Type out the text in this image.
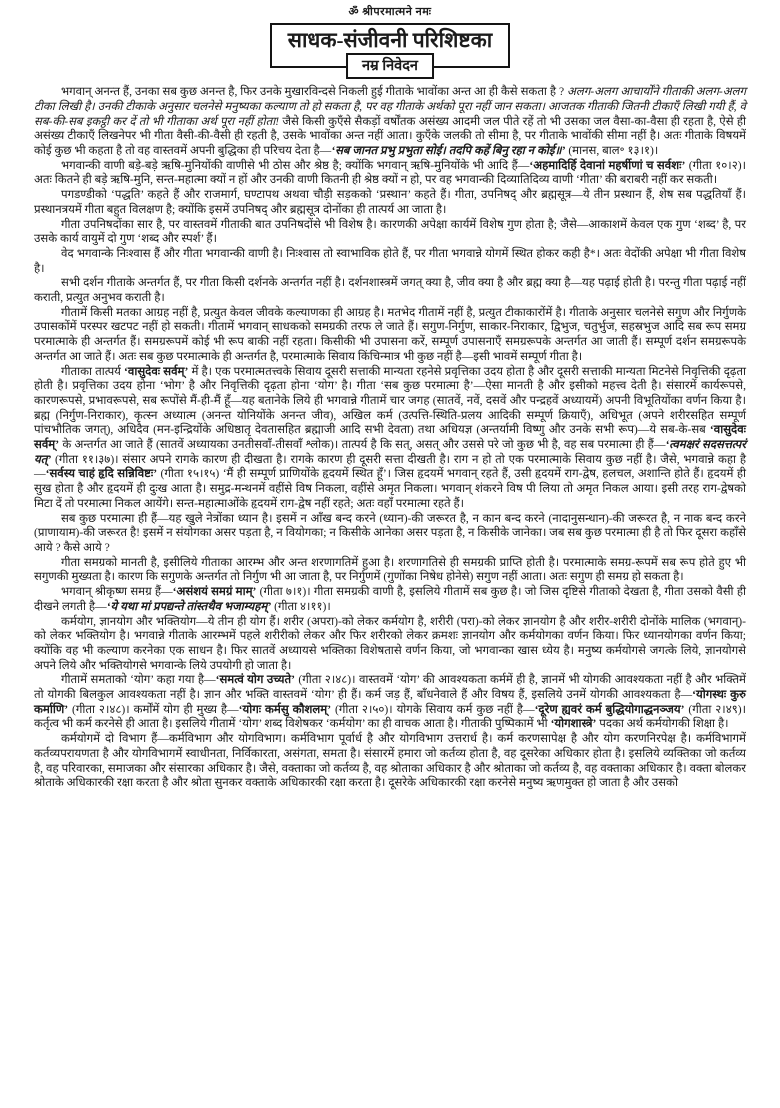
ॐ श्रीपरमात्मने नमः
साधक-संजीवनी परिशिष्टका
नम्र निवेदन

भगवान् अनन्त हैं, उनका सब कुछ अनन्त है, फिर उनके मुखारविन्दसे निकली हुई गीताके भावोंका अन्त आ ही कैसे सकता है ? अलग-अलग आचार्योंने गीताकी अलग-अलग टीका लिखी है। उनकी टीकाके अनुसार चलनेसे मनुष्यका कल्याण तो हो सकता है, पर वह गीताके अर्थको पूरा नहीं जान सकता। आजतक गीताकी जितनी टीकाएँ लिखी गयी हैं, वे सब-की-सब इकट्ठी कर दें तो भी गीताका अर्थ पूरा नहीं होता! जैसे किसी कुएँसे सैकड़ों वर्षोंतक असंख्य आदमी जल पीते रहें तो भी उसका जल वैसा-का-वैसा ही रहता है, ऐसे ही असंख्य टीकाएँ लिखनेपर भी गीता वैसी-की-वैसी ही रहती है, उसके भावोंका अन्त नहीं आता। कुएँके जलकी तो सीमा है, पर गीताके भावोंकी सीमा नहीं है। अतः गीताके विषयमें कोई कुछ भी कहता है तो वह वास्तवमें अपनी बुद्धिका ही परिचय देता है—‘सब जानत प्रभु प्रभुता सोई। तदपि कहें बिनु रहा न कोई॥’ (मानस, बाल॰ १३।१)।

भगवान्की वाणी बड़े-बड़े ऋषि-मुनियोंकी वाणीसे भी ठोस और श्रेष्ठ है; क्योंकि भगवान् ऋषि-मुनियोंके भी आदि हैं—‘अहमादिर्हि देवानां महर्षीणां च सर्वशः’ (गीता १०।२)। अतः कितने ही बड़े ऋषि-मुनि, सन्त-महात्मा क्यों न हों और उनकी वाणी कितनी ही श्रेष्ठ क्यों न हो, पर वह भगवान्की दिव्यातिदिव्य वाणी ‘गीता’ की बराबरी नहीं कर सकती।

पगडण्डीको ‘पद्धति’ कहते हैं और राजमार्ग, घण्टापथ अथवा चौड़ी सड़कको ‘प्रस्थान’ कहते हैं। गीता, उपनिषद् और ब्रह्मसूत्र—ये तीन प्रस्थान हैं, शेष सब पद्धतियाँ हैं। प्रस्थानत्रयमें गीता बहुत विलक्षण है; क्योंकि इसमें उपनिषद् और ब्रह्मसूत्र दोनोंका ही तात्पर्य आ जाता है।

गीता उपनिषदोंका सार है, पर वास्तवमें गीताकी बात उपनिषदोंसे भी विशेष है। कारणकी अपेक्षा कार्यमें विशेष गुण होता है; जैसे—आकाशमें केवल एक गुण ‘शब्द’ है, पर उसके कार्य वायुमें दो गुण ‘शब्द और स्पर्श’ हैं।

वेद भगवान्के निःश्वास हैं और गीता भगवान्की वाणी है। निःश्वास तो स्वाभाविक होते हैं, पर गीता भगवान्ने योगमें स्थित होकर कही है*। अतः वेदोंकी अपेक्षा भी गीता विशेष है।

सभी दर्शन गीताके अन्तर्गत हैं, पर गीता किसी दर्शनके अन्तर्गत नहीं है। दर्शनशास्त्रमें जगत् क्या है, जीव क्या है और ब्रह्म क्या है—यह पढ़ाई होती है। परन्तु गीता पढ़ाई नहीं कराती, प्रत्युत अनुभव कराती है।

गीतामें किसी मतका आग्रह नहीं है, प्रत्युत केवल जीवके कल्याणका ही आग्रह है। मतभेद गीतामें नहीं है, प्रत्युत टीकाकारोंमें है। गीताके अनुसार चलनेसे सगुण और निर्गुणके उपासकोंमें परस्पर खटपट नहीं हो सकती। गीतामें भगवान् साधकको समग्रकी तरफ ले जाते हैं। सगुण-निर्गुण, साकार-निराकार, द्विभुज, चतुर्भुज, सहस्रभुज आदि सब रूप समग्र परमात्माके ही अन्तर्गत हैं। समग्ररूपमें कोई भी रूप बाकी नहीं रहता। किसीकी भी उपासना करें, सम्पूर्ण उपासनाएँ समग्ररूपके अन्तर्गत आ जाती हैं। सम्पूर्ण दर्शन समग्ररूपके अन्तर्गत आ जाते हैं। अतः सब कुछ परमात्माके ही अन्तर्गत है, परमात्माके सिवाय किंचिन्मात्र भी कुछ नहीं है—इसी भावमें सम्पूर्ण गीता है।

गीताका तात्पर्य ‘वासुदेवः सर्वम्’ में है। एक परमात्मतत्त्वके सिवाय दूसरी सत्ताकी मान्यता रहनेसे प्रवृत्तिका उदय होता है और दूसरी सत्ताकी मान्यता मिटनेसे निवृत्तिकी दृढ़ता होती है। प्रवृत्तिका उदय होना ‘भोग’ है और निवृत्तिकी दृढ़ता होना ‘योग’ है। गीता ‘सब कुछ परमात्मा है’—ऐसा मानती है और इसीको महत्त्व देती है। संसारमें कार्यरूपसे, कारणरूपसे, प्रभावरूपसे, सब रूपोंसे मैं-ही-मैं हूँ—यह बतानेके लिये ही भगवान्ने गीतामें चार जगह (सातवें, नवें, दसवें और पन्द्रहवें अध्यायमें) अपनी विभूतियोंका वर्णन किया है। ब्रह्म (निर्गुण-निराकार), कृत्स्न अध्यात्म (अनन्त योनियोंके अनन्त जीव), अखिल कर्म (उत्पत्ति-स्थिति-प्रलय आदिकी सम्पूर्ण क्रियाएँ), अधिभूत (अपने शरीरसहित सम्पूर्ण पांचभौतिक जगत्), अधिदैव (मन-इन्द्रियोंके अधिष्ठातृ देवतासहित ब्रह्माजी आदि सभी देवता) तथा अधियज्ञ (अन्तर्यामी विष्णु और उनके सभी रूप)—ये सब-के-सब ‘वासुदेवः सर्वम्’ के अन्तर्गत आ जाते हैं (सातवें अध्यायका उनतीसवाँ-तीसवाँ श्लोक)। तात्पर्य है कि सत्, असत् और उससे परे जो कुछ भी है, वह सब परमात्मा ही हैं—‘त्वमक्षरं सदसत्तत्परं यत्’ (गीता ११।३७)। संसार अपने रागके कारण ही दीखता है। रागके कारण ही दूसरी सत्ता दीखती है। राग न हो तो एक परमात्माके सिवाय कुछ नहीं है। जैसे, भगवान्ने कहा है—‘सर्वस्य चाहं हृदि सन्निविष्टः’ (गीता १५।१५) ‘मैं ही सम्पूर्ण प्राणियोंके हृदयमें स्थित हूँ’। जिस हृदयमें भगवान् रहते हैं, उसी हृदयमें राग-द्वेष, हलचल, अशान्ति होते हैं। हृदयमें ही सुख होता है और हृदयमें ही दुःख आता है। समुद्र-मन्थनमें वहींसे विष निकला, वहींसे अमृत निकला। भगवान् शंकरने विष पी लिया तो अमृत निकल आया। इसी तरह राग-द्वेषको मिटा दें तो परमात्मा निकल आयेंगे। सन्त-महात्माओंके हृदयमें राग-द्वेष नहीं रहते; अतः वहाँ परमात्मा रहते हैं।

सब कुछ परमात्मा ही हैं—यह खुले नेत्रोंका ध्यान है। इसमें न आँख बन्द करने (ध्यान)-की जरूरत है, न कान बन्द करने (नादानुसन्धान)-की जरूरत है, न नाक बन्द करने (प्राणायाम)-की जरूरत है! इसमें न संयोगका असर पड़ता है, न वियोगका; न किसीके आनेका असर पड़ता है, न किसीके जानेका। जब सब कुछ परमात्मा ही है तो फिर दूसरा कहाँसे आये ? कैसे आये ?

गीता समग्रको मानती है, इसीलिये गीताका आरम्भ और अन्त शरणागतिमें हुआ है। शरणागतिसे ही समग्रकी प्राप्ति होती है। परमात्माके समग्र-रूपमें सब रूप होते हुए भी सगुणकी मुख्यता है। कारण कि सगुणके अन्तर्गत तो निर्गुण भी आ जाता है, पर निर्गुणमें (गुणोंका निषेध होनेसे) सगुण नहीं आता। अतः सगुण ही समग्र हो सकता है।

भगवान् श्रीकृष्ण समग्र हैं—‘असंशयं समग्रं माम्’ (गीता ७।१)। गीता समग्रकी वाणी है, इसलिये गीतामें सब कुछ है। जो जिस दृष्टिसे गीताको देखता है, गीता उसको वैसी ही दीखने लगती है—‘ये यथा मां प्रपद्यन्ते तांस्तथैव भजाम्यहम्’ (गीता ४।११)।

कर्मयोग, ज्ञानयोग और भक्तियोग—ये तीन ही योग हैं। शरीर (अपरा)-को लेकर कर्मयोग है, शरीरी (परा)-को लेकर ज्ञानयोग है और शरीर-शरीरी दोनोंके मालिक (भगवान्)-को लेकर भक्तियोग है। भगवान्ने गीताके आरम्भमें पहले शरीरीको लेकर और फिर शरीरको लेकर क्रमशः ज्ञानयोग और कर्मयोगका वर्णन किया। फिर ध्यानयोगका वर्णन किया; क्योंकि वह भी कल्याण करनेका एक साधन है। फिर सातवें अध्यायसे भक्तिका विशेषतासे वर्णन किया, जो भगवान्का खास ध्येय है। मनुष्य कर्मयोगसे जगत्के लिये, ज्ञानयोगसे अपने लिये और भक्तियोगसे भगवान्के लिये उपयोगी हो जाता है।

गीतामें समताको ‘योग’ कहा गया है—‘समत्वं योग उच्यते’ (गीता २।४८)। वास्तवमें ‘योग’ की आवश्यकता कर्ममें ही है, ज्ञानमें भी योगकी आवश्यकता नहीं है और भक्तिमें तो योगकी बिलकुल आवश्यकता नहीं है। ज्ञान और भक्ति वास्तवमें ‘योग’ ही हैं। कर्म जड़ हैं, बाँधनेवाले हैं और विषय हैं, इसलिये उनमें योगकी आवश्यकता है—‘योगस्थः कुरु कर्माणि’ (गीता २।४८)। कर्मोंमें योग ही मुख्य है—‘योगः कर्मसु कौशलम्’ (गीता २।५०)। योगके सिवाय कर्म कुछ नहीं है—‘दूरेण ह्यवरं कर्म बुद्धियोगाद्धनञ्जय’ (गीता २।४९)। कर्तृत्व भी कर्म करनेसे ही आता है। इसलिये गीतामें ‘योग’ शब्द विशेषकर ‘कर्मयोग’ का ही वाचक आता है। गीताकी पुष्पिकामें भी ‘योगशास्त्रे’ पदका अर्थ कर्मयोगकी शिक्षा है।

कर्मयोगमें दो विभाग हैं—कर्मविभाग और योगविभाग। कर्मविभाग पूर्वार्ध है और योगविभाग उत्तरार्ध है। कर्म करणसापेक्ष है और योग करणनिरपेक्ष है। कर्मविभागमें कर्तव्यपरायणता है और योगविभागमें स्वाधीनता, निर्विकारता, असंगता, समता है। संसारमें हमारा जो कर्तव्य होता है, वह दूसरेका अधिकार होता है। इसलिये व्यक्तिका जो कर्तव्य है, वह परिवारका, समाजका और संसारका अधिकार है। जैसे, वक्ताका जो कर्तव्य है, वह श्रोताका अधिकार है और श्रोताका जो कर्तव्य है, वह वक्ताका अधिकार है। वक्ता बोलकर श्रोताके अधिकारकी रक्षा करता है और श्रोता सुनकर वक्ताके अधिकारकी रक्षा करता है। दूसरेके अधिकारकी रक्षा करनेसे मनुष्य ऋणमुक्त हो जाता है और उसको
